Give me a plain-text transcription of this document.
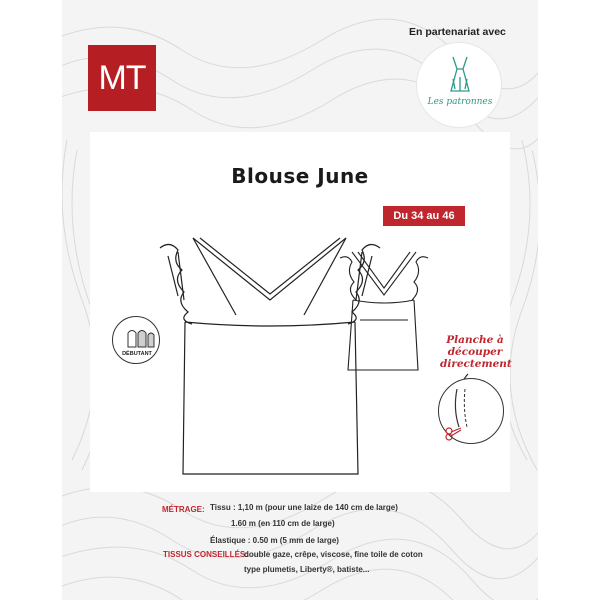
MT
En partenariat avec
Les patronnes
Blouse June
Du 34 au 46
DÉBUTANT
Planche à
découper
directement
MÉTRAGE: Tissu : 1,10 m (pour une laize de 140 cm de large)
1.60 m (en 110 cm de large)
Élastique : 0.50 m (5 mm de large)
TISSUS CONSEILLÉS:
double gaze, crêpe, viscose, fine toile de coton
type plumetis, Liberty®, batiste...
